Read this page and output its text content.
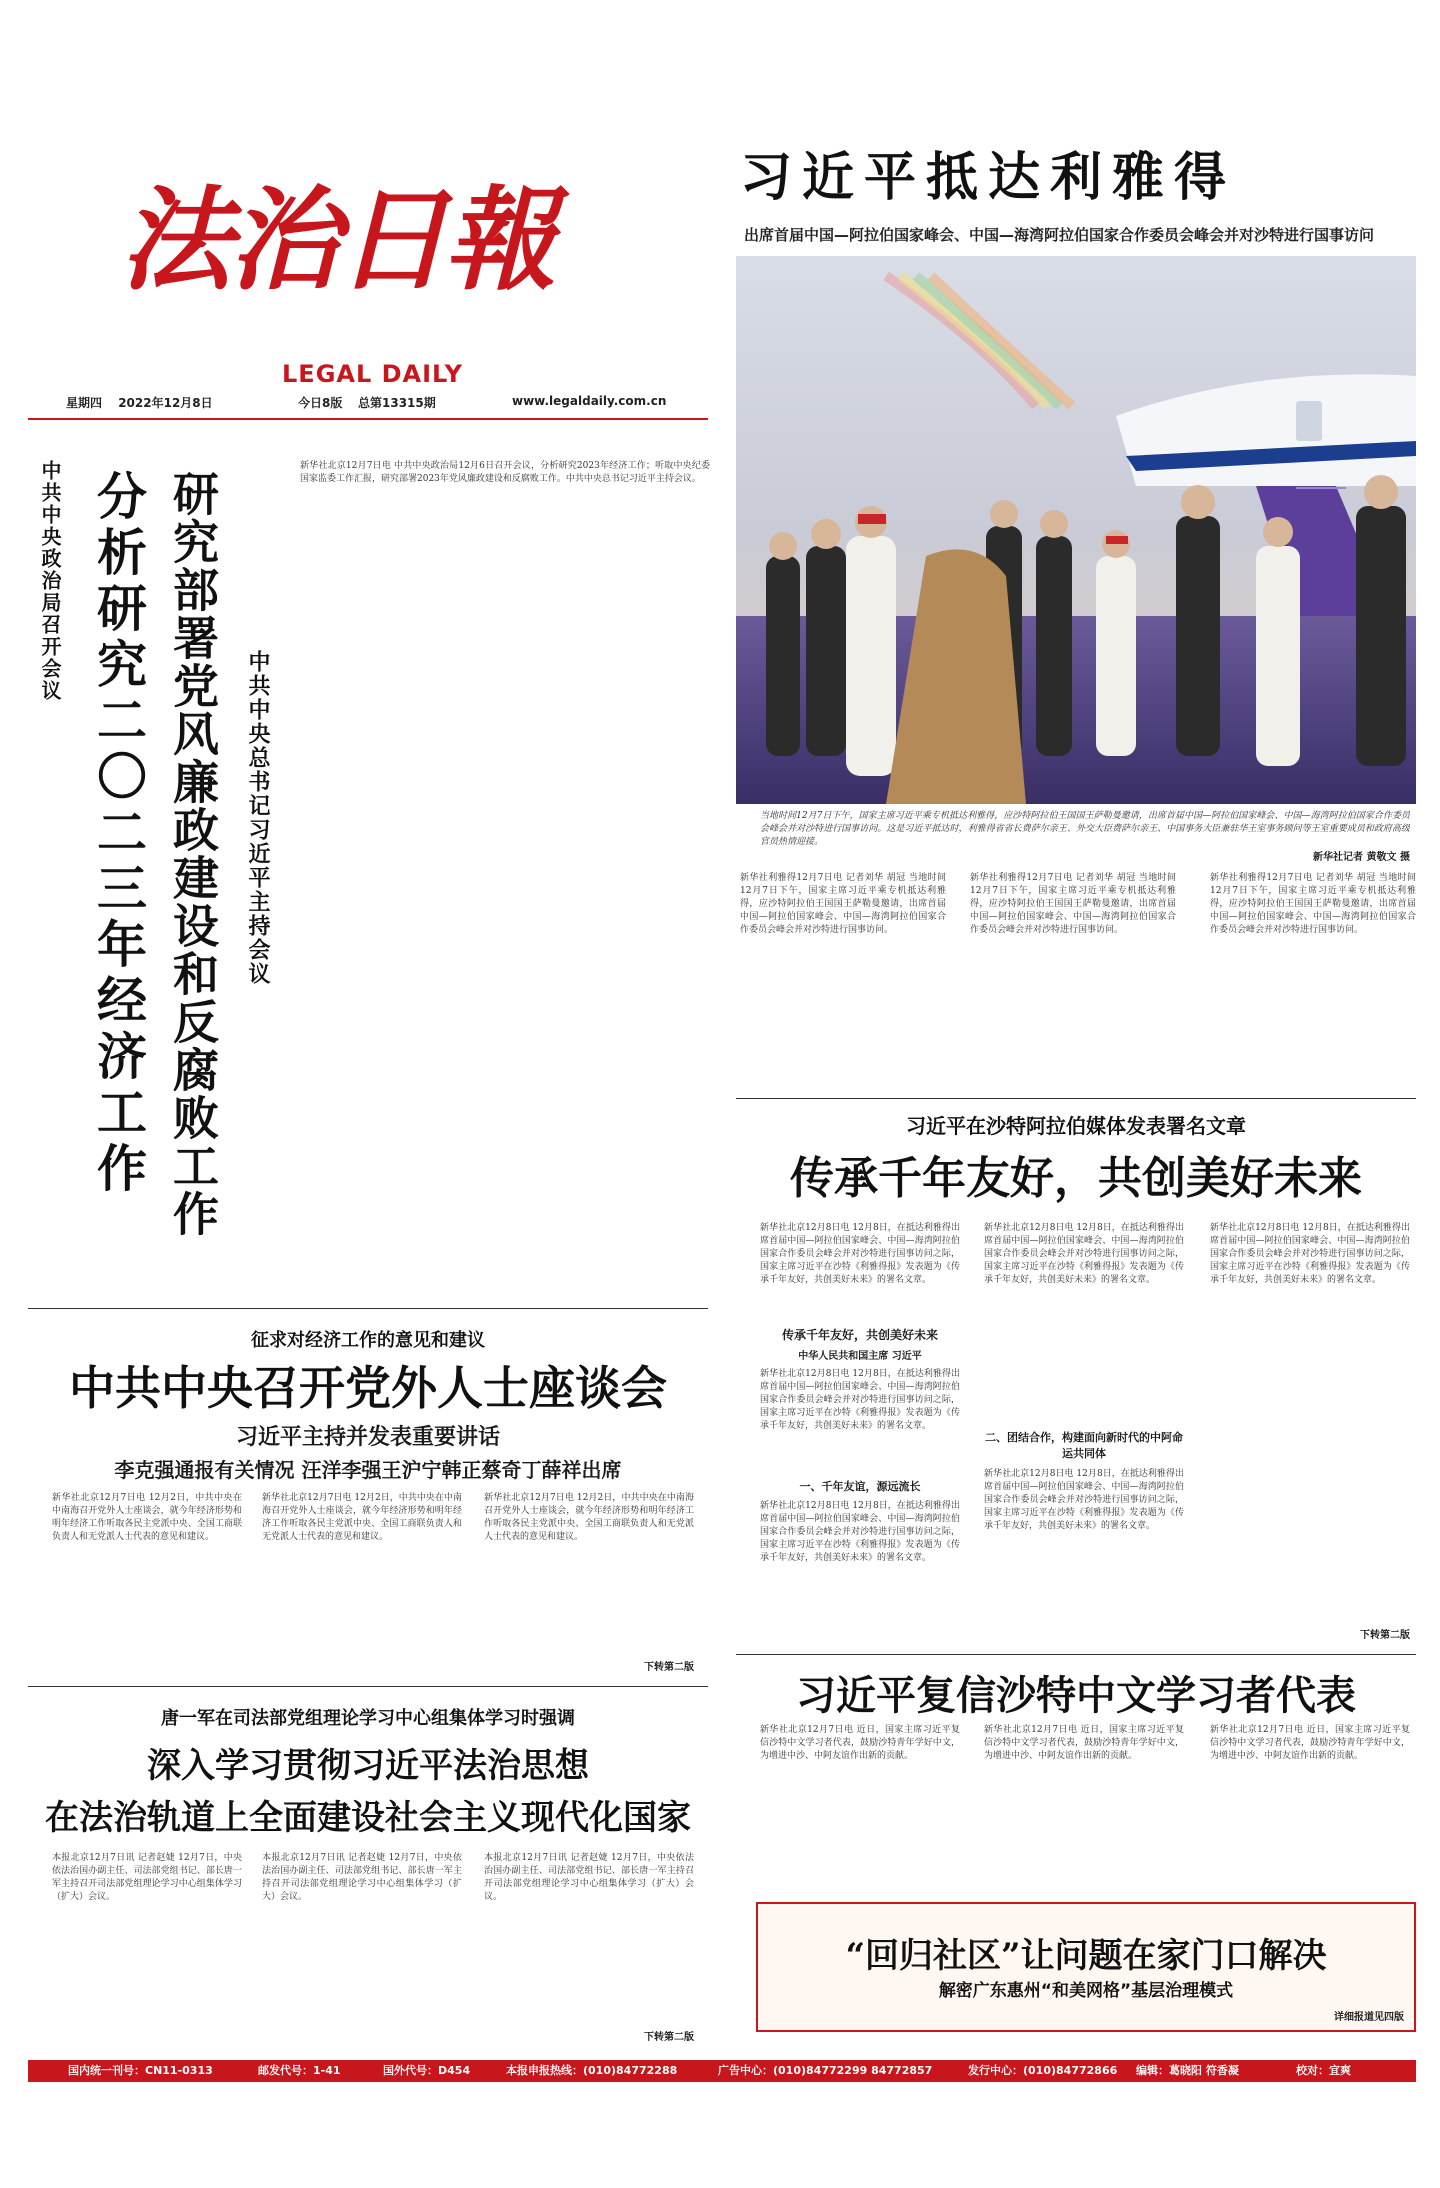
法治日報
LEGAL DAILY
星期四 2022年12月8日	今日8版 总第13315期	www.legaldaily.com.cn
习近平抵达利雅得
出席首届中国—阿拉伯国家峰会、中国—海湾阿拉伯国家合作委员会峰会并对沙特进行国事访问
当地时间12月7日下午，国家主席习近平乘专机抵达利雅得，应沙特阿拉伯王国国王萨勒曼邀请，出席首届中国—阿拉伯国家峰会、中国—海湾阿拉伯国家合作委员会峰会并对沙特进行国事访问。这是习近平抵达时，利雅得省省长费萨尔亲王、外交大臣费萨尔亲王、中国事务大臣兼驻华王室事务顾问等王室重要成员和政府高级官员热情迎接。
新华社记者 黄敬文 摄
新华社利雅得12月7日电 记者刘华 胡冠 当地时间12月7日下午，国家主席习近平乘专机抵达利雅得，应沙特阿拉伯王国国王萨勒曼邀请，出席首届中国—阿拉伯国家峰会、中国—海湾阿拉伯国家合作委员会峰会并对沙特进行国事访问。
新华社利雅得12月7日电 记者刘华 胡冠 当地时间12月7日下午，国家主席习近平乘专机抵达利雅得，应沙特阿拉伯王国国王萨勒曼邀请，出席首届中国—阿拉伯国家峰会、中国—海湾阿拉伯国家合作委员会峰会并对沙特进行国事访问。
新华社利雅得12月7日电 记者刘华 胡冠 当地时间12月7日下午，国家主席习近平乘专机抵达利雅得，应沙特阿拉伯王国国王萨勒曼邀请，出席首届中国—阿拉伯国家峰会、中国—海湾阿拉伯国家合作委员会峰会并对沙特进行国事访问。
中共中央政治局召开会议 分析研究二〇二三年经济工作 研究部署党风廉政建设和反腐败工作 中共中央总书记习近平主持会议
新华社北京12月7日电 中共中央政治局12月6日召开会议，分析研究2023年经济工作；听取中央纪委国家监委工作汇报，研究部署2023年党风廉政建设和反腐败工作。中共中央总书记习近平主持会议。
征求对经济工作的意见和建议
中共中央召开党外人士座谈会
习近平主持并发表重要讲话
李克强通报有关情况 汪洋李强王沪宁韩正蔡奇丁薛祥出席
新华社北京12月7日电 12月2日，中共中央在中南海召开党外人士座谈会，就今年经济形势和明年经济工作听取各民主党派中央、全国工商联负责人和无党派人士代表的意见和建议。
新华社北京12月7日电 12月2日，中共中央在中南海召开党外人士座谈会，就今年经济形势和明年经济工作听取各民主党派中央、全国工商联负责人和无党派人士代表的意见和建议。
新华社北京12月7日电 12月2日，中共中央在中南海召开党外人士座谈会，就今年经济形势和明年经济工作听取各民主党派中央、全国工商联负责人和无党派人士代表的意见和建议。
下转第二版
唐一军在司法部党组理论学习中心组集体学习时强调
深入学习贯彻习近平法治思想
在法治轨道上全面建设社会主义现代化国家
本报北京12月7日讯 记者赵婕 12月7日，中央依法治国办副主任、司法部党组书记、部长唐一军主持召开司法部党组理论学习中心组集体学习（扩大）会议。
本报北京12月7日讯 记者赵婕 12月7日，中央依法治国办副主任、司法部党组书记、部长唐一军主持召开司法部党组理论学习中心组集体学习（扩大）会议。
本报北京12月7日讯 记者赵婕 12月7日，中央依法治国办副主任、司法部党组书记、部长唐一军主持召开司法部党组理论学习中心组集体学习（扩大）会议。
下转第二版
习近平在沙特阿拉伯媒体发表署名文章
传承千年友好，共创美好未来
新华社北京12月8日电 12月8日，在抵达利雅得出席首届中国—阿拉伯国家峰会、中国—海湾阿拉伯国家合作委员会峰会并对沙特进行国事访问之际，国家主席习近平在沙特《利雅得报》发表题为《传承千年友好，共创美好未来》的署名文章。
传承千年友好，共创美好未来
中华人民共和国主席 习近平
新华社北京12月8日电 12月8日，在抵达利雅得出席首届中国—阿拉伯国家峰会、中国—海湾阿拉伯国家合作委员会峰会并对沙特进行国事访问之际，国家主席习近平在沙特《利雅得报》发表题为《传承千年友好，共创美好未来》的署名文章。
一、千年友谊，源远流长
新华社北京12月8日电 12月8日，在抵达利雅得出席首届中国—阿拉伯国家峰会、中国—海湾阿拉伯国家合作委员会峰会并对沙特进行国事访问之际，国家主席习近平在沙特《利雅得报》发表题为《传承千年友好，共创美好未来》的署名文章。
新华社北京12月8日电 12月8日，在抵达利雅得出席首届中国—阿拉伯国家峰会、中国—海湾阿拉伯国家合作委员会峰会并对沙特进行国事访问之际，国家主席习近平在沙特《利雅得报》发表题为《传承千年友好，共创美好未来》的署名文章。
二、团结合作，构建面向新时代的中阿命运共同体
新华社北京12月8日电 12月8日，在抵达利雅得出席首届中国—阿拉伯国家峰会、中国—海湾阿拉伯国家合作委员会峰会并对沙特进行国事访问之际，国家主席习近平在沙特《利雅得报》发表题为《传承千年友好，共创美好未来》的署名文章。
新华社北京12月8日电 12月8日，在抵达利雅得出席首届中国—阿拉伯国家峰会、中国—海湾阿拉伯国家合作委员会峰会并对沙特进行国事访问之际，国家主席习近平在沙特《利雅得报》发表题为《传承千年友好，共创美好未来》的署名文章。
下转第二版
习近平复信沙特中文学习者代表
新华社北京12月7日电 近日，国家主席习近平复信沙特中文学习者代表，鼓励沙特青年学好中文，为增进中沙、中阿友谊作出新的贡献。
新华社北京12月7日电 近日，国家主席习近平复信沙特中文学习者代表，鼓励沙特青年学好中文，为增进中沙、中阿友谊作出新的贡献。
新华社北京12月7日电 近日，国家主席习近平复信沙特中文学习者代表，鼓励沙特青年学好中文，为增进中沙、中阿友谊作出新的贡献。
“回归社区”让问题在家门口解决
解密广东惠州“和美网格”基层治理模式
详细报道见四版
国内统一刊号：CN11-0313	邮发代号：1-41	国外代号：D454	本报申报热线：(010)84772288	广告中心：(010)84772299 84772857	发行中心：(010)84772866 编辑：葛晓阳 符香凝	校对：宜爽
